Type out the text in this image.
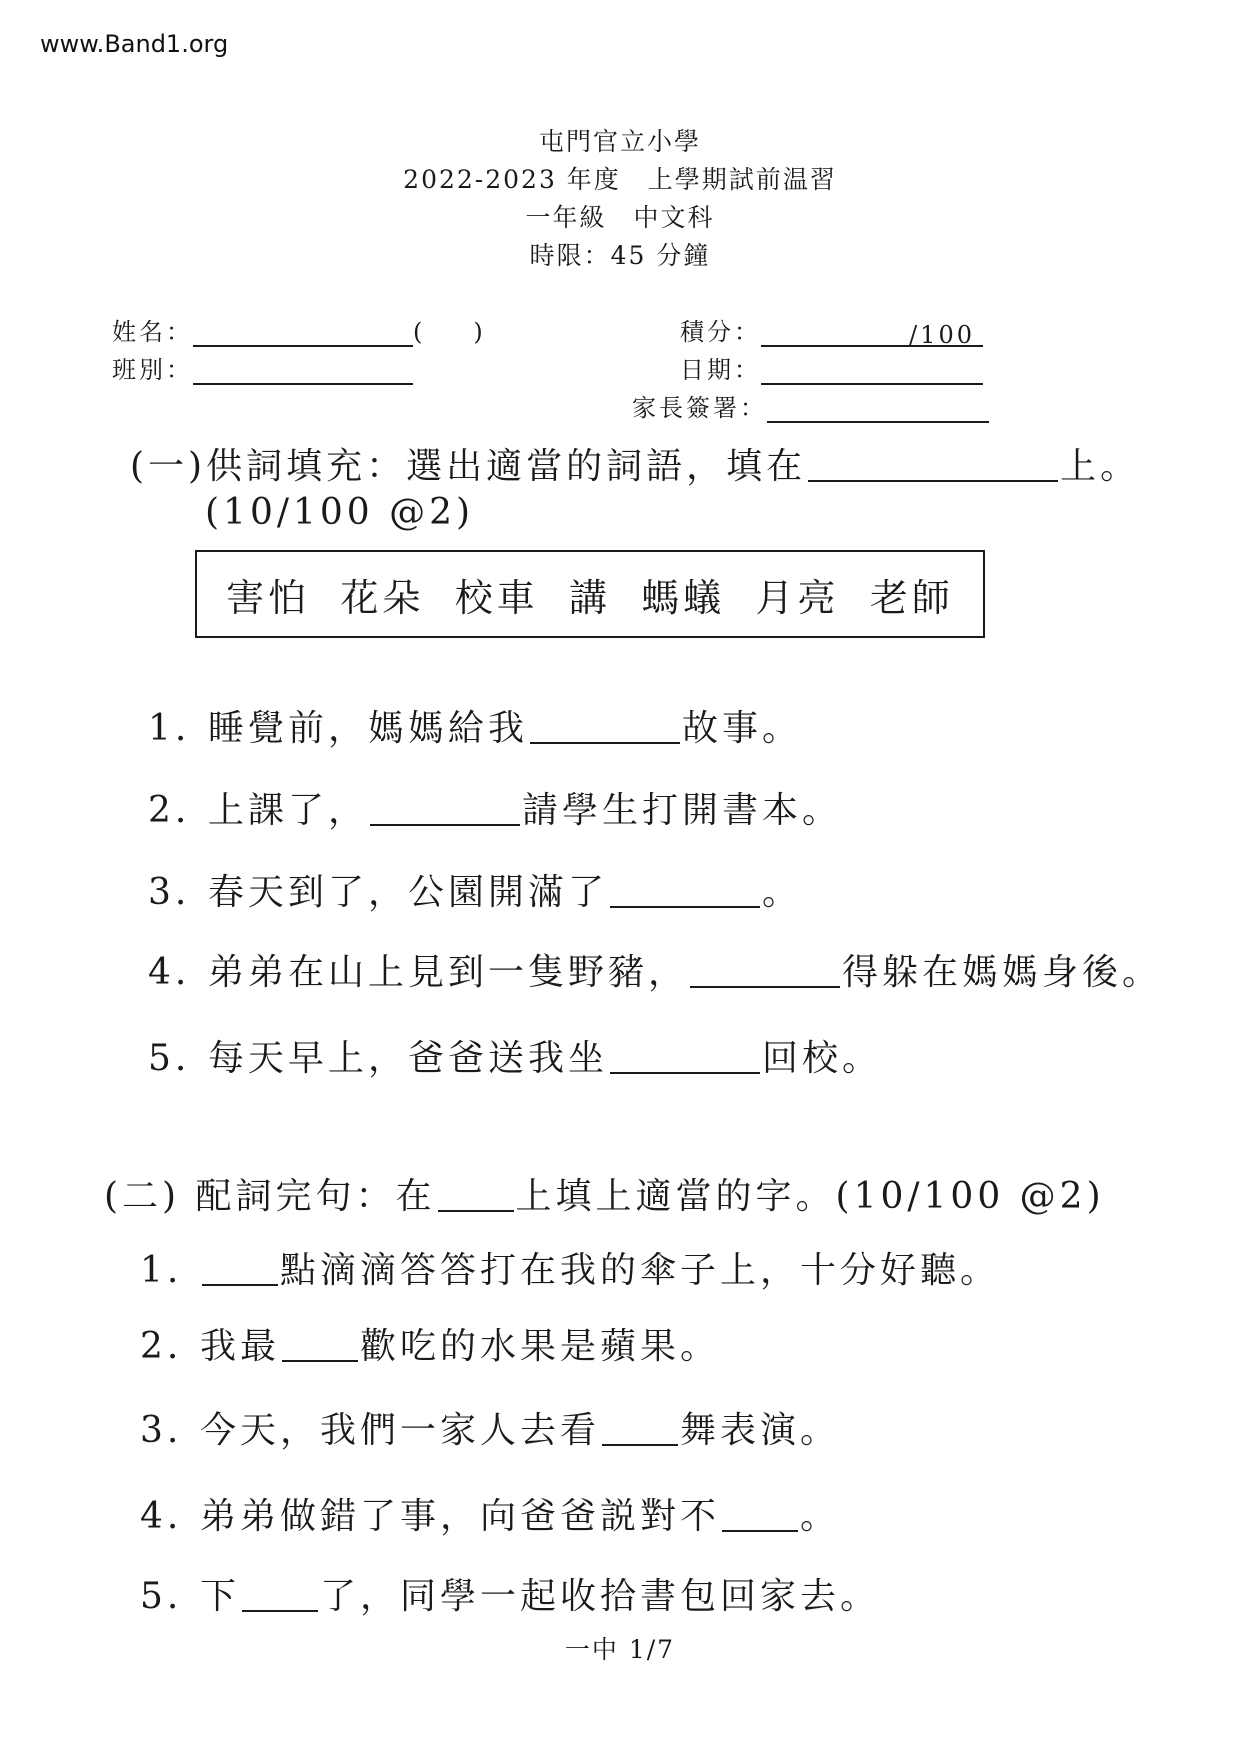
www.Band1.org
屯門官立小學
2022-2023 年度　上學期試前温習
一年級　中文科
時限：45 分鐘
姓名：	( )
班別：
積分：	/100
日期：
家長簽署：
(一)供詞填充：選出適當的詞語，填在	上。
(10/100 @2)
害怕 花朵 校車 講 螞蟻 月亮 老師
1. 睡覺前，媽媽給我	故事。
2. 上課了，	請學生打開書本。
3. 春天到了，公園開滿了	。
4. 弟弟在山上見到一隻野豬，	得躲在媽媽身後。
5. 每天早上，爸爸送我坐	回校。
(二) 配詞完句：在 上填上適當的字。(10/100 @2)
1.	點滴滴答答打在我的傘子上，十分好聽。
2. 我最 歡吃的水果是蘋果。
3. 今天，我們一家人去看 舞表演。
4. 弟弟做錯了事，向爸爸説對不 。
5. 下 了，同學一起收拾書包回家去。
一中 1/7
